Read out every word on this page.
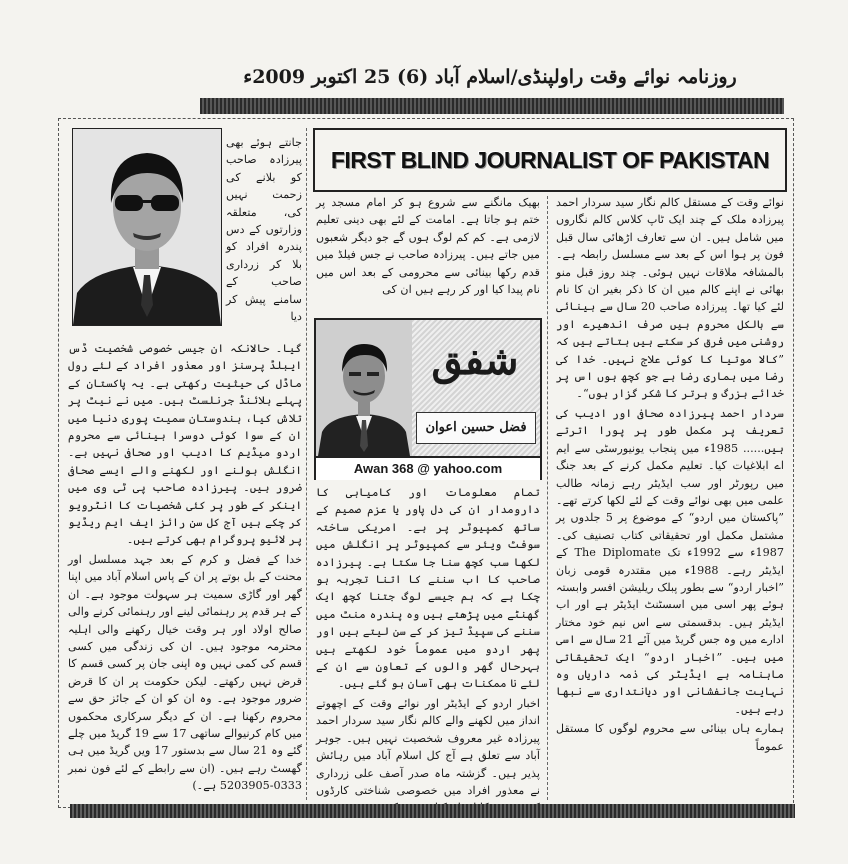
روزنامہ نوائے وقت راولپنڈی/اسلام آباد (6) 25 اکتوبر 2009ء
FIRST BLIND JOURNALIST OF PAKISTAN

نوائے وقت کے مستقل کالم نگار سید سردار احمد پیرزادہ ملک کے چند ایک ٹاپ کلاس کالم نگاروں میں شامل ہیں۔ ان سے تعارف اڑھائی سال قبل فون پر ہوا اس کے بعد سے مسلسل رابطہ ہے۔ بالمشافہ ملاقات نہیں ہوئی۔ چند روز قبل منو بھائی نے اپنے کالم میں ان کا ذکر بغیر ان کا نام لئے کیا تھا۔ پیرزادہ صاحب 20 سال سے بینائی سے بالکل محروم ہیں صرف اندھیرے اور روشنی میں فرق کر سکتے ہیں بتاتے ہیں کہ ”کالا موتیا کا کوئی علاج نہیں۔ خدا کی رضا میں ہماری رضا ہے جو کچھ ہوں اس پر خدائے بزرگ و برتر کا شکر گزار ہوں“۔

سردار احمد پیرزادہ صحافی اور ادیب کی تعریف پر مکمل طور پر پورا اترتے ہیں...... 1985ء میں پنجاب یونیورسٹی سے ایم اے ابلاغیات کیا۔ تعلیم مکمل کرنے کے بعد جنگ میں رپورٹر اور سب ایڈیٹر رہے زمانہ طالب علمی میں بھی نوائے وقت کے لئے لکھا کرتے تھے۔ ”پاکستان میں اردو“ کے موضوع پر 5 جلدوں پر مشتمل مکمل اور تحقیقاتی کتاب تصنیف کی۔ 1987ء سے 1992ء تک The Diplomate کے ایڈیٹر رہے۔ 1988ء میں مقتدرہ قومی زبان ”اخبار اردو“ سے بطور پبلک ریلیشن افسر وابستہ ہوئے پھر اسی میں اسسٹنٹ ایڈیٹر ہے اور اب ایڈیٹر ہیں۔ بدقسمتی سے اس نیم خود مختار ادارے میں وہ جس گریڈ میں آئے 21 سال سے اسی میں ہیں۔ ”اخبار اردو“ ایک تحقیقاتی ماہنامہ ہے ایڈیٹر کی ذمہ داریاں وہ نہایت جانفشانی اور دیانتداری سے نبھا رہے ہیں۔

ہمارے ہاں بینائی سے محروم لوگوں کا مستقل عموماً

بھیک مانگنے سے شروع ہو کر امام مسجد پر ختم ہو جاتا ہے۔ امامت کے لئے بھی دینی تعلیم لازمی ہے۔ کم کم لوگ ہوں گے جو دیگر شعبوں میں جاتے ہیں۔ پیرزادہ صاحب نے جس فیلڈ میں قدم رکھا بینائی سے محرومی کے بعد اس میں نام پیدا کیا اور کر رہے ہیں ان کی

شفق
فضل حسین اعوان
Awan 368 @ yahoo.com

تمام معلومات اور کامیابی کا دارومدار ان کی دل پاور یا عزم صمیم کے ساتھ کمپیوٹر پر ہے۔ امریکی ساختہ سوفٹ ویئر سے کمپیوٹر پر انگلش میں لکھا سب کچھ سنا جا سکتا ہے۔ پیرزادہ صاحب کا اب سننے کا اتنا تجربہ ہو چکا ہے کہ ہم جیسے لوگ جتنا کچھ ایک گھنٹے میں پڑھتے ہیں وہ پندرہ منٹ میں سننے کی سپیڈ تیز کر کے سن لیتے ہیں اور پھر اردو میں عموماً خود لکھتے ہیں بہرحال گھر والوں کے تعاون سے ان کے لئے نا ممکنات بھی آسان ہو گئے ہیں۔

اخبار اردو کے ایڈیٹر اور نوائے وقت کے اچھوتے انداز میں لکھنے والے کالم نگار سید سردار احمد پیرزادہ غیر معروف شخصیت نہیں ہیں۔ جوہر آباد سے تعلق ہے آج کل اسلام آباد میں رہائش پذیر ہیں۔ گزشتہ ماہ صدر آصف علی زرداری نے معذور افراد میں خصوصی شناختی کارڈوں

جانتے ہوئے بھی پیرزادہ صاحب کو بلانے کی زحمت نہیں کی، متعلقہ وزارتوں کے دس پندرہ افراد کو بلا کر زرداری صاحب کے سامنے پیش کر دیا

گیا۔ حالانکہ ان جیسی خصوصی شخصیت ڈس ایبلڈ پرسنز اور معذور افراد کے لئے رول ماڈل کی حیثیت رکھتی ہے۔ یہ پاکستان کے پہلے بلائنڈ جرنلسٹ ہیں۔ میں نے نیٹ پر تلاش کیا، ہندوستان سمیت پوری دنیا میں ان کے سوا کوئی دوسرا بینائی سے محروم اردو میڈیم کا ادیب اور صحافی نہیں ہے۔ انگلش بولنے اور لکھنے والے ایسے صحافی ضرور ہیں۔ پیرزادہ صاحب پی ٹی وی میں اینکر کے طور پر کئی شخصیات کا انٹرویو کر چکے ہیں آج کل سن رائز ایف ایم ریڈیو پر لائیو پروگرام بھی کرتے ہیں۔

خدا کے فضل و کرم کے بعد جہد مسلسل اور محنت کے بل بوتے پر ان کے پاس اسلام آباد میں اپنا گھر اور گاڑی سمیت ہر سہولت موجود ہے۔ ان کے ہر قدم پر رہنمائی لینے اور رہنمائی کرنے والی صالح اولاد اور ہر وقت خیال رکھنے والی اہلیہ محترمہ موجود ہیں۔ ان کی زندگی میں کسی قسم کی کمی نہیں وہ اپنی جان پر کسی قسم کا قرض نہیں رکھتے۔ لیکن حکومت پر ان کا قرض ضرور موجود ہے۔ وہ ان کو ان کے جائز حق سے محروم رکھنا ہے۔ ان کے دیگر سرکاری محکموں میں کام کرنیوالے ساتھی 17 سے 19 گریڈ میں چلے گئے وہ 21 سال سے بدستور 17 ویں گریڈ میں ہی گھسٹ رہے ہیں۔ (ان سے رابطے کے لئے فون نمبر 0333-5203905 ہے۔)
